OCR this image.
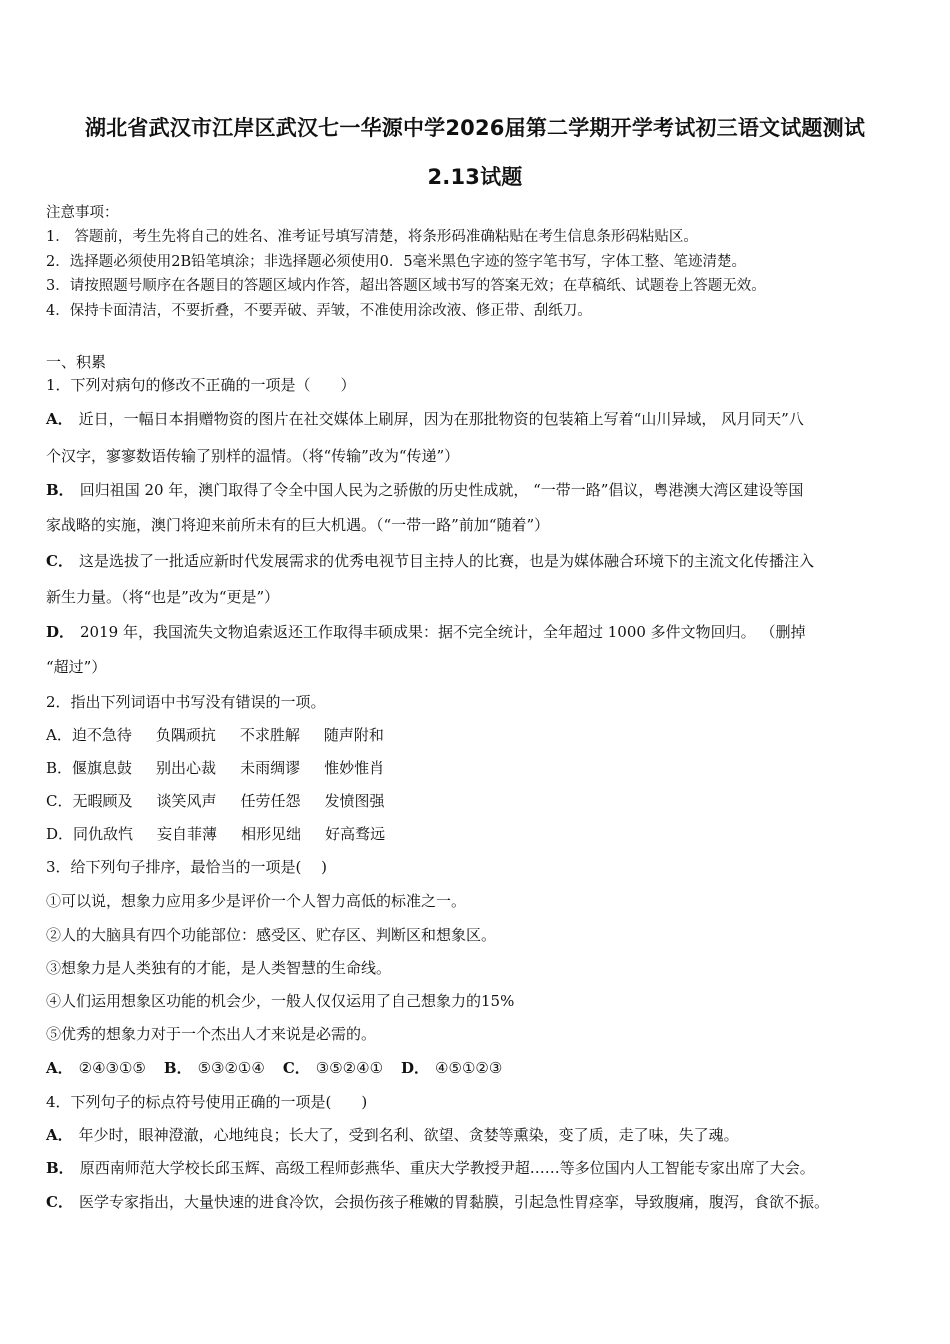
湖北省武汉市江岸区武汉七一华源中学2026届第二学期开学考试初三语文试题测试
2.13试题
注意事项：
1． 答题前，考生先将自己的姓名、准考证号填写清楚，将条形码准确粘贴在考生信息条形码粘贴区。
2．选择题必须使用2B铅笔填涂；非选择题必须使用0．5毫米黑色字迹的签字笔书写，字体工整、笔迹清楚。
3．请按照题号顺序在各题目的答题区域内作答，超出答题区域书写的答案无效；在草稿纸、试题卷上答题无效。
4．保持卡面清洁，不要折叠，不要弄破、弄皱，不准使用涂改液、修正带、刮纸刀。
一、积累
1．下列对病句的修改不正确的一项是（　　）
A． 近日，一幅日本捐赠物资的图片在社交媒体上刷屏，因为在那批物资的包装箱上写着“山川异域， 风月同天”八
个汉字，寥寥数语传输了别样的温情。（将“传输”改为“传递”）
B． 回归祖国 20 年，澳门取得了令全中国人民为之骄傲的历史性成就， “一带一路”倡议，粤港澳大湾区建设等国
家战略的实施，澳门将迎来前所未有的巨大机遇。（“一带一路”前加“随着”）
C． 这是选拔了一批适应新时代发展需求的优秀电视节目主持人的比赛，也是为媒体融合环境下的主流文化传播注入
新生力量。（将“也是”改为“更是”）
D． 2019 年，我国流失文物追索返还工作取得丰硕成果：据不完全统计，全年超过 1000 多件文物回归。 （删掉
“超过”）
2．指出下列词语中书写没有错误的一项。
A．迫不急待 负隅顽抗 不求胜解 随声附和
B．偃旗息鼓 别出心裁 未雨绸谬 惟妙惟肖
C．无暇顾及 谈笑风声 任劳任怨 发愤图强
D．同仇敌忾 妄自菲薄 相形见绌 好高骛远
3．给下列句子排序，最恰当的一项是(　 )
①可以说，想象力应用多少是评价一个人智力高低的标准之一。
②人的大脑具有四个功能部位：感受区、贮存区、判断区和想象区。
③想象力是人类独有的才能，是人类智慧的生命线。
④人们运用想象区功能的机会少，一般人仅仅运用了自己想象力的15%
⑤优秀的想象力对于一个杰出人才来说是必需的。
A． ②④③①⑤ B． ⑤③②①④ C． ③⑤②④① D． ④⑤①②③
4．下列句子的标点符号使用正确的一项是(　　)
A． 年少时，眼神澄澈，心地纯良；长大了，受到名利、欲望、贪婪等熏染，变了质，走了味，失了魂。
B． 原西南师范大学校长邱玉辉、高级工程师彭燕华、重庆大学教授尹超……等多位国内人工智能专家出席了大会。
C． 医学专家指出，大量快速的进食冷饮，会损伤孩子稚嫩的胃黏膜，引起急性胃痉挛，导致腹痛，腹泻，食欲不振。
